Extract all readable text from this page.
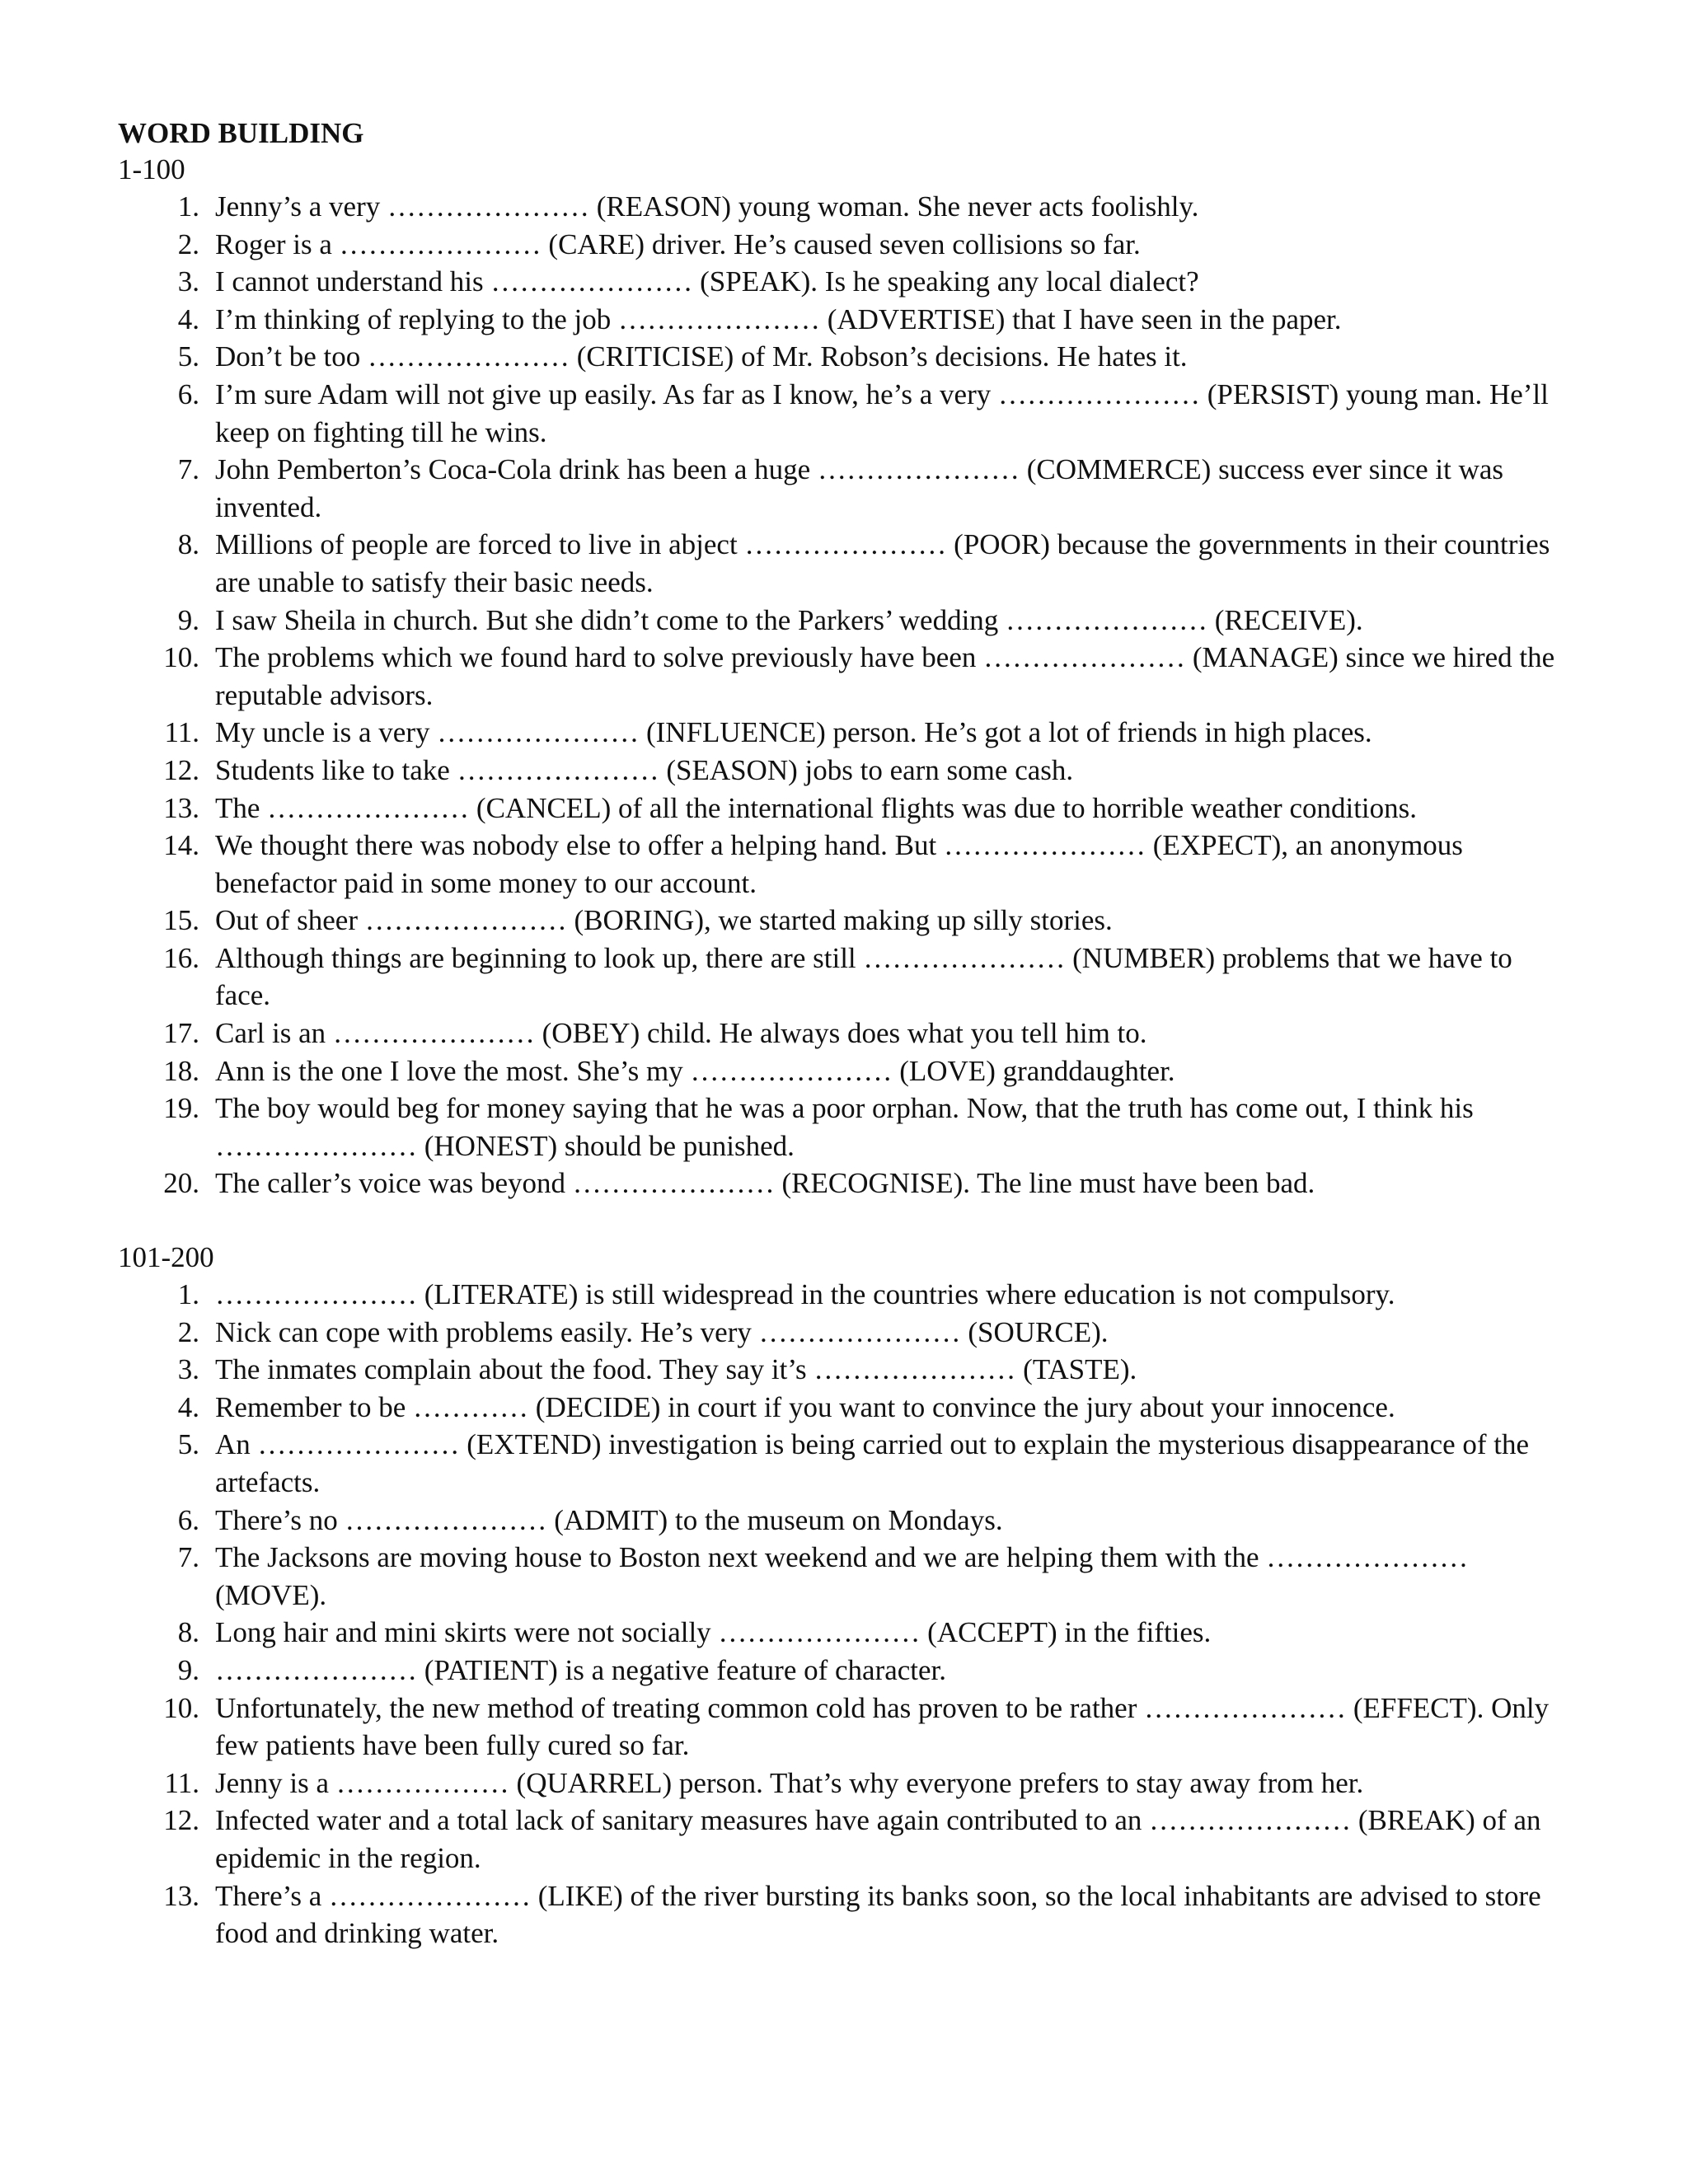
WORD BUILDING

1-100

1. Jenny’s a very ………………… (REASON) young woman. She never acts foolishly.
2. Roger is a ………………… (CARE) driver. He’s caused seven collisions so far.
3. I cannot understand his ………………… (SPEAK). Is he speaking any local dialect?
4. I’m thinking of replying to the job ………………… (ADVERTISE) that I have seen in the paper.
5. Don’t be too ………………… (CRITICISE) of Mr. Robson’s decisions. He hates it.
6. I’m sure Adam will not give up easily. As far as I know, he’s a very ………………… (PERSIST) young man. He’ll keep on fighting till he wins.
7. John Pemberton’s Coca-Cola drink has been a huge ………………… (COMMERCE) success ever since it was invented.
8. Millions of people are forced to live in abject ………………… (POOR) because the governments in their countries are unable to satisfy their basic needs.
9. I saw Sheila in church. But she didn’t come to the Parkers’ wedding ………………… (RECEIVE).
10. The problems which we found hard to solve previously have been ………………… (MANAGE) since we hired the reputable advisors.
11. My uncle is a very ………………… (INFLUENCE) person. He’s got a lot of friends in high places.
12. Students like to take ………………… (SEASON) jobs to earn some cash.
13. The ………………… (CANCEL) of all the international flights was due to horrible weather conditions.
14. We thought there was nobody else to offer a helping hand. But ………………… (EXPECT), an anonymous benefactor paid in some money to our account.
15. Out of sheer ………………… (BORING), we started making up silly stories.
16. Although things are beginning to look up, there are still ………………… (NUMBER) problems that we have to face.
17. Carl is an ………………… (OBEY) child. He always does what you tell him to.
18. Ann is the one I love the most. She’s my ………………… (LOVE) granddaughter.
19. The boy would beg for money saying that he was a poor orphan. Now, that the truth has come out, I think his ………………… (HONEST) should be punished.
20. The caller’s voice was beyond ………………… (RECOGNISE). The line must have been bad.

101-200

1. ………………… (LITERATE) is still widespread in the countries where education is not compulsory.
2. Nick can cope with problems easily. He’s very ………………… (SOURCE).
3. The inmates complain about the food. They say it’s ………………… (TASTE).
4. Remember to be ………… (DECIDE) in court if you want to convince the jury about your innocence.
5. An ………………… (EXTEND) investigation is being carried out to explain the mysterious disappearance of the artefacts.
6. There’s no ………………… (ADMIT) to the museum on Mondays.
7. The Jacksons are moving house to Boston next weekend and we are helping them with the ………………… (MOVE).
8. Long hair and mini skirts were not socially ………………… (ACCEPT) in the fifties.
9. ………………… (PATIENT) is a negative feature of character.
10. Unfortunately, the new method of treating common cold has proven to be rather ………………… (EFFECT). Only few patients have been fully cured so far.
11. Jenny is a ……………… (QUARREL) person. That’s why everyone prefers to stay away from her.
12. Infected water and a total lack of sanitary measures have again contributed to an ………………… (BREAK) of an epidemic in the region.
13. There’s a ………………… (LIKE) of the river bursting its banks soon, so the local inhabitants are advised to store food and drinking water.
